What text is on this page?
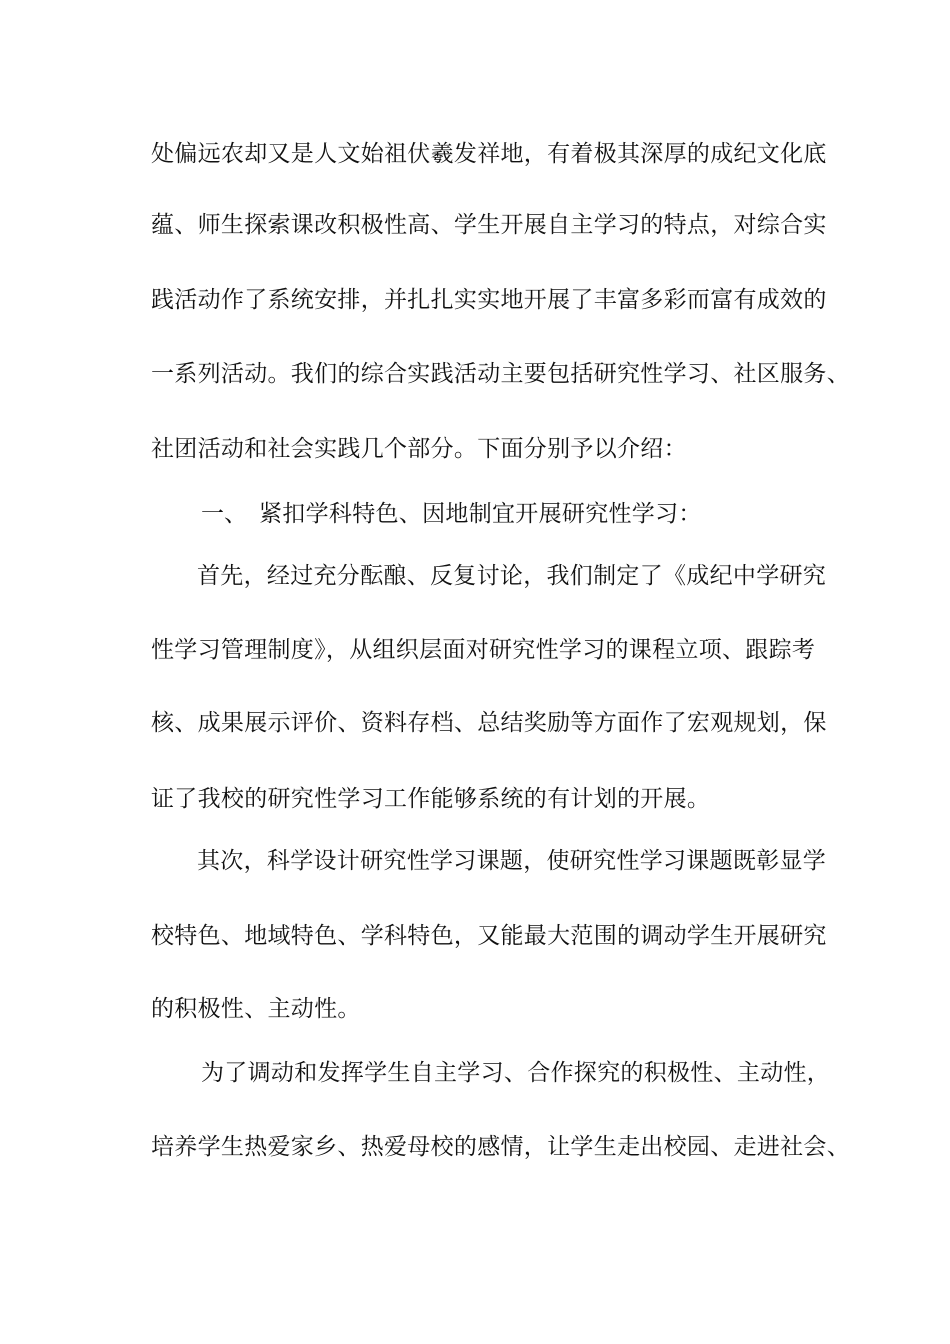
处偏远农却又是人文始祖伏羲发祥地，有着极其深厚的成纪文化底
蕴、师生探索课改积极性高、学生开展自主学习的特点，对综合实
践活动作了系统安排，并扎扎实实地开展了丰富多彩而富有成效的
一系列活动。我们的综合实践活动主要包括研究性学习、社区服务、
社团活动和社会实践几个部分。下面分别予以介绍：
一、 紧扣学科特色、因地制宜开展研究性学习：
首先，经过充分酝酿、反复讨论，我们制定了《成纪中学研究
性学习管理制度》，从组织层面对研究性学习的课程立项、跟踪考
核、成果展示评价、资料存档、总结奖励等方面作了宏观规划，保
证了我校的研究性学习工作能够系统的有计划的开展。
其次，科学设计研究性学习课题，使研究性学习课题既彰显学
校特色、地域特色、学科特色，又能最大范围的调动学生开展研究
的积极性、主动性。
为了调动和发挥学生自主学习、合作探究的积极性、主动性，
培养学生热爱家乡、热爱母校的感情，让学生走出校园、走进社会、
